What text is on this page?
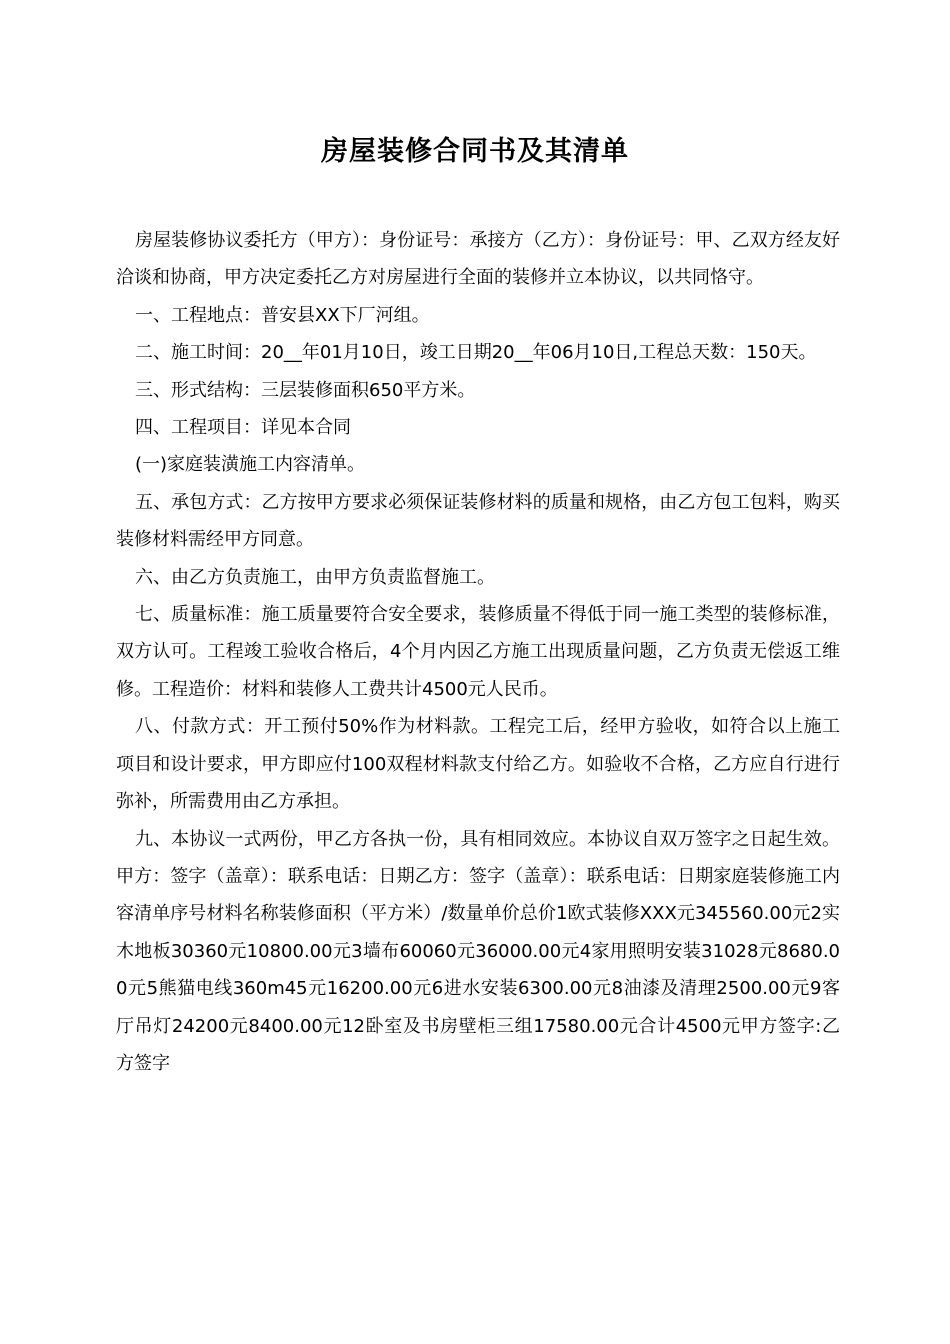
房屋装修合同书及其清单

房屋装修协议委托方（甲方）：身份证号：承接方（乙方）：身份证号：甲、乙双方经友好洽谈和协商，甲方决定委托乙方对房屋进行全面的装修并立本协议，以共同恪守。

一、工程地点：普安县XX下厂河组。

二、施工时间：20__年01月10日，竣工日期20__年06月10日,工程总天数：150天。

三、形式结构：三层装修面积650平方米。

四、工程项目：详见本合同

(一)家庭装潢施工内容清单。

五、承包方式：乙方按甲方要求必须保证装修材料的质量和规格，由乙方包工包料，购买装修材料需经甲方同意。

六、由乙方负责施工，由甲方负责监督施工。

七、质量标准：施工质量要符合安全要求，装修质量不得低于同一施工类型的装修标准，双方认可。工程竣工验收合格后，4个月内因乙方施工出现质量问题，乙方负责无偿返工维修。工程造价：材料和装修人工费共计4500元人民币。

八、付款方式：开工预付50%作为材料款。工程完工后，经甲方验收，如符合以上施工项目和设计要求，甲方即应付100双程材料款支付给乙方。如验收不合格，乙方应自行进行弥补，所需费用由乙方承担。

九、本协议一式两份，甲乙方各执一份，具有相同效应。本协议自双万签字之日起生效。甲方：签字（盖章）：联系电话：日期乙方：签字（盖章）：联系电话：日期家庭装修施工内容清单序号材料名称装修面积（平方米）/数量单价总价1欧式装修XXX元345560.00元2实木地板30360元10800.00元3墙布60060元36000.00元4家用照明安装31028元8680.00元5熊猫电线360m45元16200.00元6进水安装6300.00元8油漆及清理2500.00元9客厅吊灯24200元8400.00元12卧室及书房壁柜三组17580.00元合计4500元甲方签字:乙方签字
